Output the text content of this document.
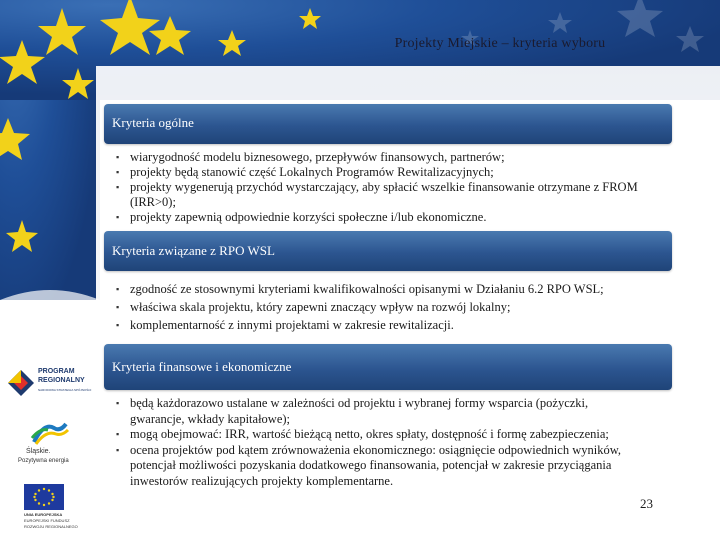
Projekty Miejskie – kryteria wyboru
Kryteria ogólne
▪ wiarygodność modelu biznesowego, przepływów finansowych, partnerów;
▪ projekty będą stanowić część Lokalnych Programów Rewitalizacyjnych;
▪ projekty wygenerują przychód wystarczający, aby spłacić wszelkie finansowanie otrzymane z FROM (IRR>0);
▪ projekty zapewnią odpowiednie korzyści społeczne i/lub ekonomiczne.
Kryteria związane z RPO WSL
▪ zgodność ze stosownymi kryteriami kwalifikowalności opisanymi w Działaniu 6.2 RPO WSL;
▪ właściwa skala projektu, który zapewni znaczący wpływ na rozwój lokalny;
▪ komplementarność z innymi projektami w zakresie rewitalizacji.
Kryteria finansowe i ekonomiczne
▪ będą każdorazowo ustalane w zależności od projektu i wybranej formy wsparcia (pożyczki, gwarancje, wkłady kapitałowe);
▪ mogą obejmować: IRR, wartość bieżącą netto, okres spłaty, dostępność i formę zabezpieczenia;
▪ ocena projektów pod kątem zrównoważenia ekonomicznego: osiągnięcie odpowiednich wyników, potencjał możliwości pozyskania dodatkowego finansowania, potencjał w zakresie przyciągania inwestorów realizujących projekty komplementarne.
23
PROGRAM
REGIONALNY
NARODOWA STRATEGIA SPÓJNOŚCI
Śląskie.
Pozytywna energia
UNIA EUROPEJSKA
EUROPEJSKI FUNDUSZ
ROZWOJU REGIONALNEGO
